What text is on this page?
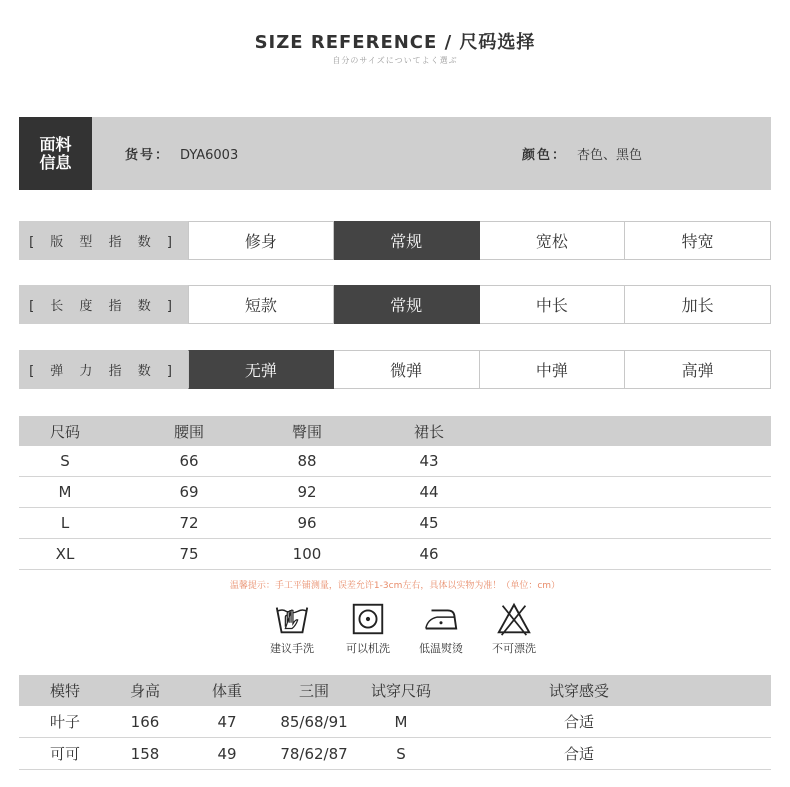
SIZE REFERENCE / 尺码选择
自分のサイズについてよく選ぶ
面料
信息	货号： DYA6003	颜色： 杏色、黑色
[ 版 型 指 数 ]	修身	常规	宽松	特宽
[ 长 度 指 数 ]	短款	常规	中长	加长
[ 弹 力 指 数 ]	无弹	微弹	中弹	高弹
尺码	腰围	臀围	裙长
S	66	88	43
M	69	92	44
L	72	96	45
XL	75	100	46
温馨提示：手工平铺测量，误差允许1-3cm左右，具体以实物为准！（单位：cm）
建议手洗	可以机洗	低温熨烫	不可漂洗
模特	身高	体重	三围	试穿尺码	试穿感受
叶子	166	47	85/68/91	M	合适
可可	158	49	78/62/87	S	合适
